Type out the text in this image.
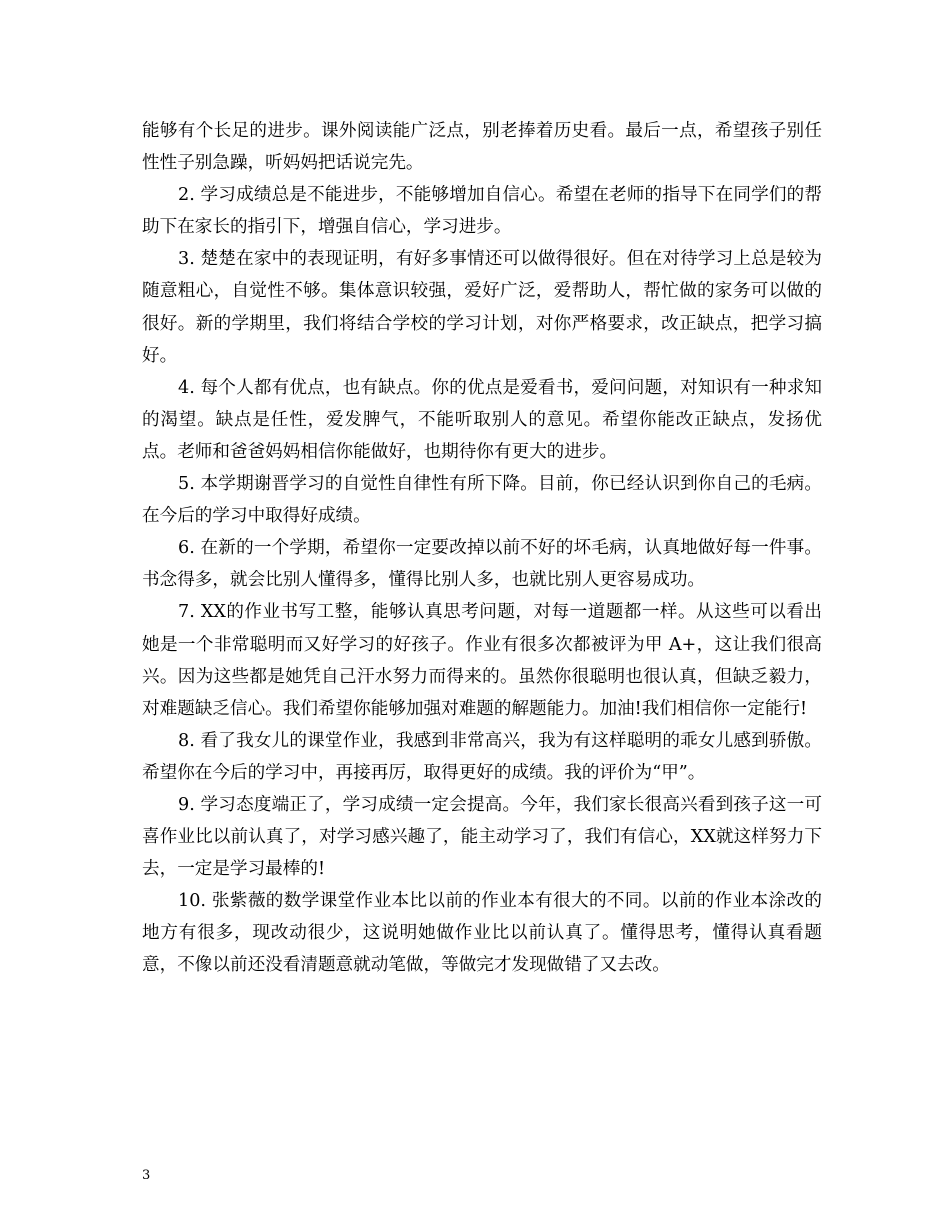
能够有个长足的进步。课外阅读能广泛点，别老捧着历史看。最后一点，希望孩子别任性性子别急躁，听妈妈把话说完先。

2. 学习成绩总是不能进步，不能够增加自信心。希望在老师的指导下在同学们的帮助下在家长的指引下，增强自信心，学习进步。

3. 楚楚在家中的表现证明，有好多事情还可以做得很好。但在对待学习上总是较为随意粗心，自觉性不够。集体意识较强，爱好广泛，爱帮助人，帮忙做的家务可以做的很好。新的学期里，我们将结合学校的学习计划，对你严格要求，改正缺点，把学习搞好。

4. 每个人都有优点，也有缺点。你的优点是爱看书，爱问问题，对知识有一种求知的渴望。缺点是任性，爱发脾气，不能听取别人的意见。希望你能改正缺点，发扬优点。老师和爸爸妈妈相信你能做好，也期待你有更大的进步。

5. 本学期谢晋学习的自觉性自律性有所下降。目前，你已经认识到你自己的毛病。在今后的学习中取得好成绩。

6. 在新的一个学期，希望你一定要改掉以前不好的坏毛病，认真地做好每一件事。书念得多，就会比别人懂得多，懂得比别人多，也就比别人更容易成功。

7. XX的作业书写工整，能够认真思考问题，对每一道题都一样。从这些可以看出她是一个非常聪明而又好学习的好孩子。作业有很多次都被评为甲 A+，这让我们很高兴。因为这些都是她凭自己汗水努力而得来的。虽然你很聪明也很认真，但缺乏毅力，对难题缺乏信心。我们希望你能够加强对难题的解题能力。加油!我们相信你一定能行!

8. 看了我女儿的课堂作业，我感到非常高兴，我为有这样聪明的乖女儿感到骄傲。希望你在今后的学习中，再接再厉，取得更好的成绩。我的评价为“甲”。

9. 学习态度端正了，学习成绩一定会提高。今年，我们家长很高兴看到孩子这一可喜作业比以前认真了，对学习感兴趣了，能主动学习了，我们有信心，XX就这样努力下去，一定是学习最棒的!

10. 张紫薇的数学课堂作业本比以前的作业本有很大的不同。以前的作业本涂改的地方有很多，现改动很少，这说明她做作业比以前认真了。懂得思考，懂得认真看题意，不像以前还没看清题意就动笔做，等做完才发现做错了又去改。

3
